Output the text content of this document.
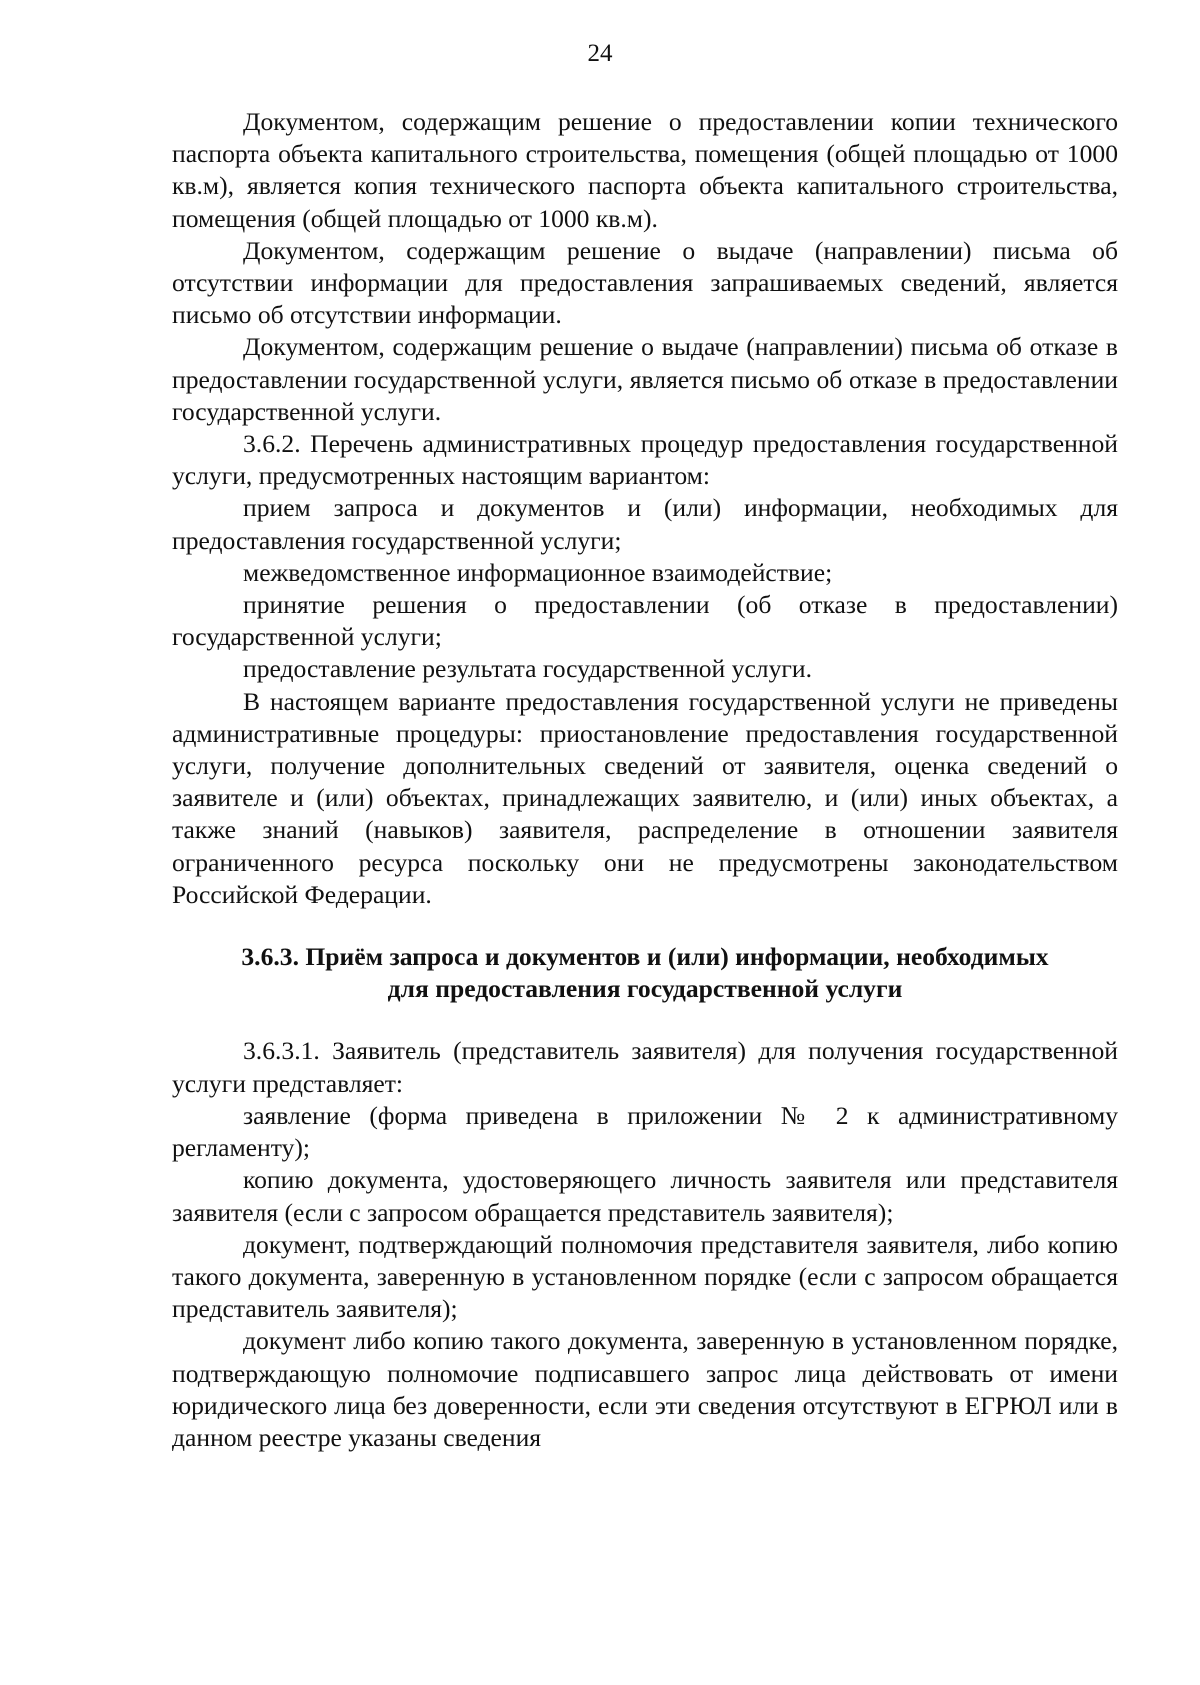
24

Документом, содержащим решение о предоставлении копии технического паспорта объекта капитального строительства, помещения (общей площадью от 1000 кв.м), является копия технического паспорта объекта капитального строительства, помещения (общей площадью от 1000 кв.м).

Документом, содержащим решение о выдаче (направлении) письма об отсутствии информации для предоставления запрашиваемых сведений, является письмо об отсутствии информации.

Документом, содержащим решение о выдаче (направлении) письма об отказе в предоставлении государственной услуги, является письмо об отказе в предоставлении государственной услуги.

3.6.2. Перечень административных процедур предоставления государственной услуги, предусмотренных настоящим вариантом:

прием запроса и документов и (или) информации, необходимых для предоставления государственной услуги;

межведомственное информационное взаимодействие;

принятие решения о предоставлении (об отказе в предоставлении) государственной услуги;

предоставление результата государственной услуги.

В настоящем варианте предоставления государственной услуги не приведены административные процедуры: приостановление предоставления государственной услуги, получение дополнительных сведений от заявителя, оценка сведений о заявителе и (или) объектах, принадлежащих заявителю, и (или) иных объектах, а также знаний (навыков) заявителя, распределение в отношении заявителя ограниченного ресурса поскольку они не предусмотрены законодательством Российской Федерации.

3.6.3. Приём запроса и документов и (или) информации, необходимых для предоставления государственной услуги

3.6.3.1. Заявитель (представитель заявителя) для получения государственной услуги представляет:

заявление (форма приведена в приложении № 2 к административному регламенту);

копию документа, удостоверяющего личность заявителя или представителя заявителя (если с запросом обращается представитель заявителя);

документ, подтверждающий полномочия представителя заявителя, либо копию такого документа, заверенную в установленном порядке (если с запросом обращается представитель заявителя);

документ либо копию такого документа, заверенную в установленном порядке, подтверждающую полномочие подписавшего запрос лица действовать от имени юридического лица без доверенности, если эти сведения отсутствуют в ЕГРЮЛ или в данном реестре указаны сведения
